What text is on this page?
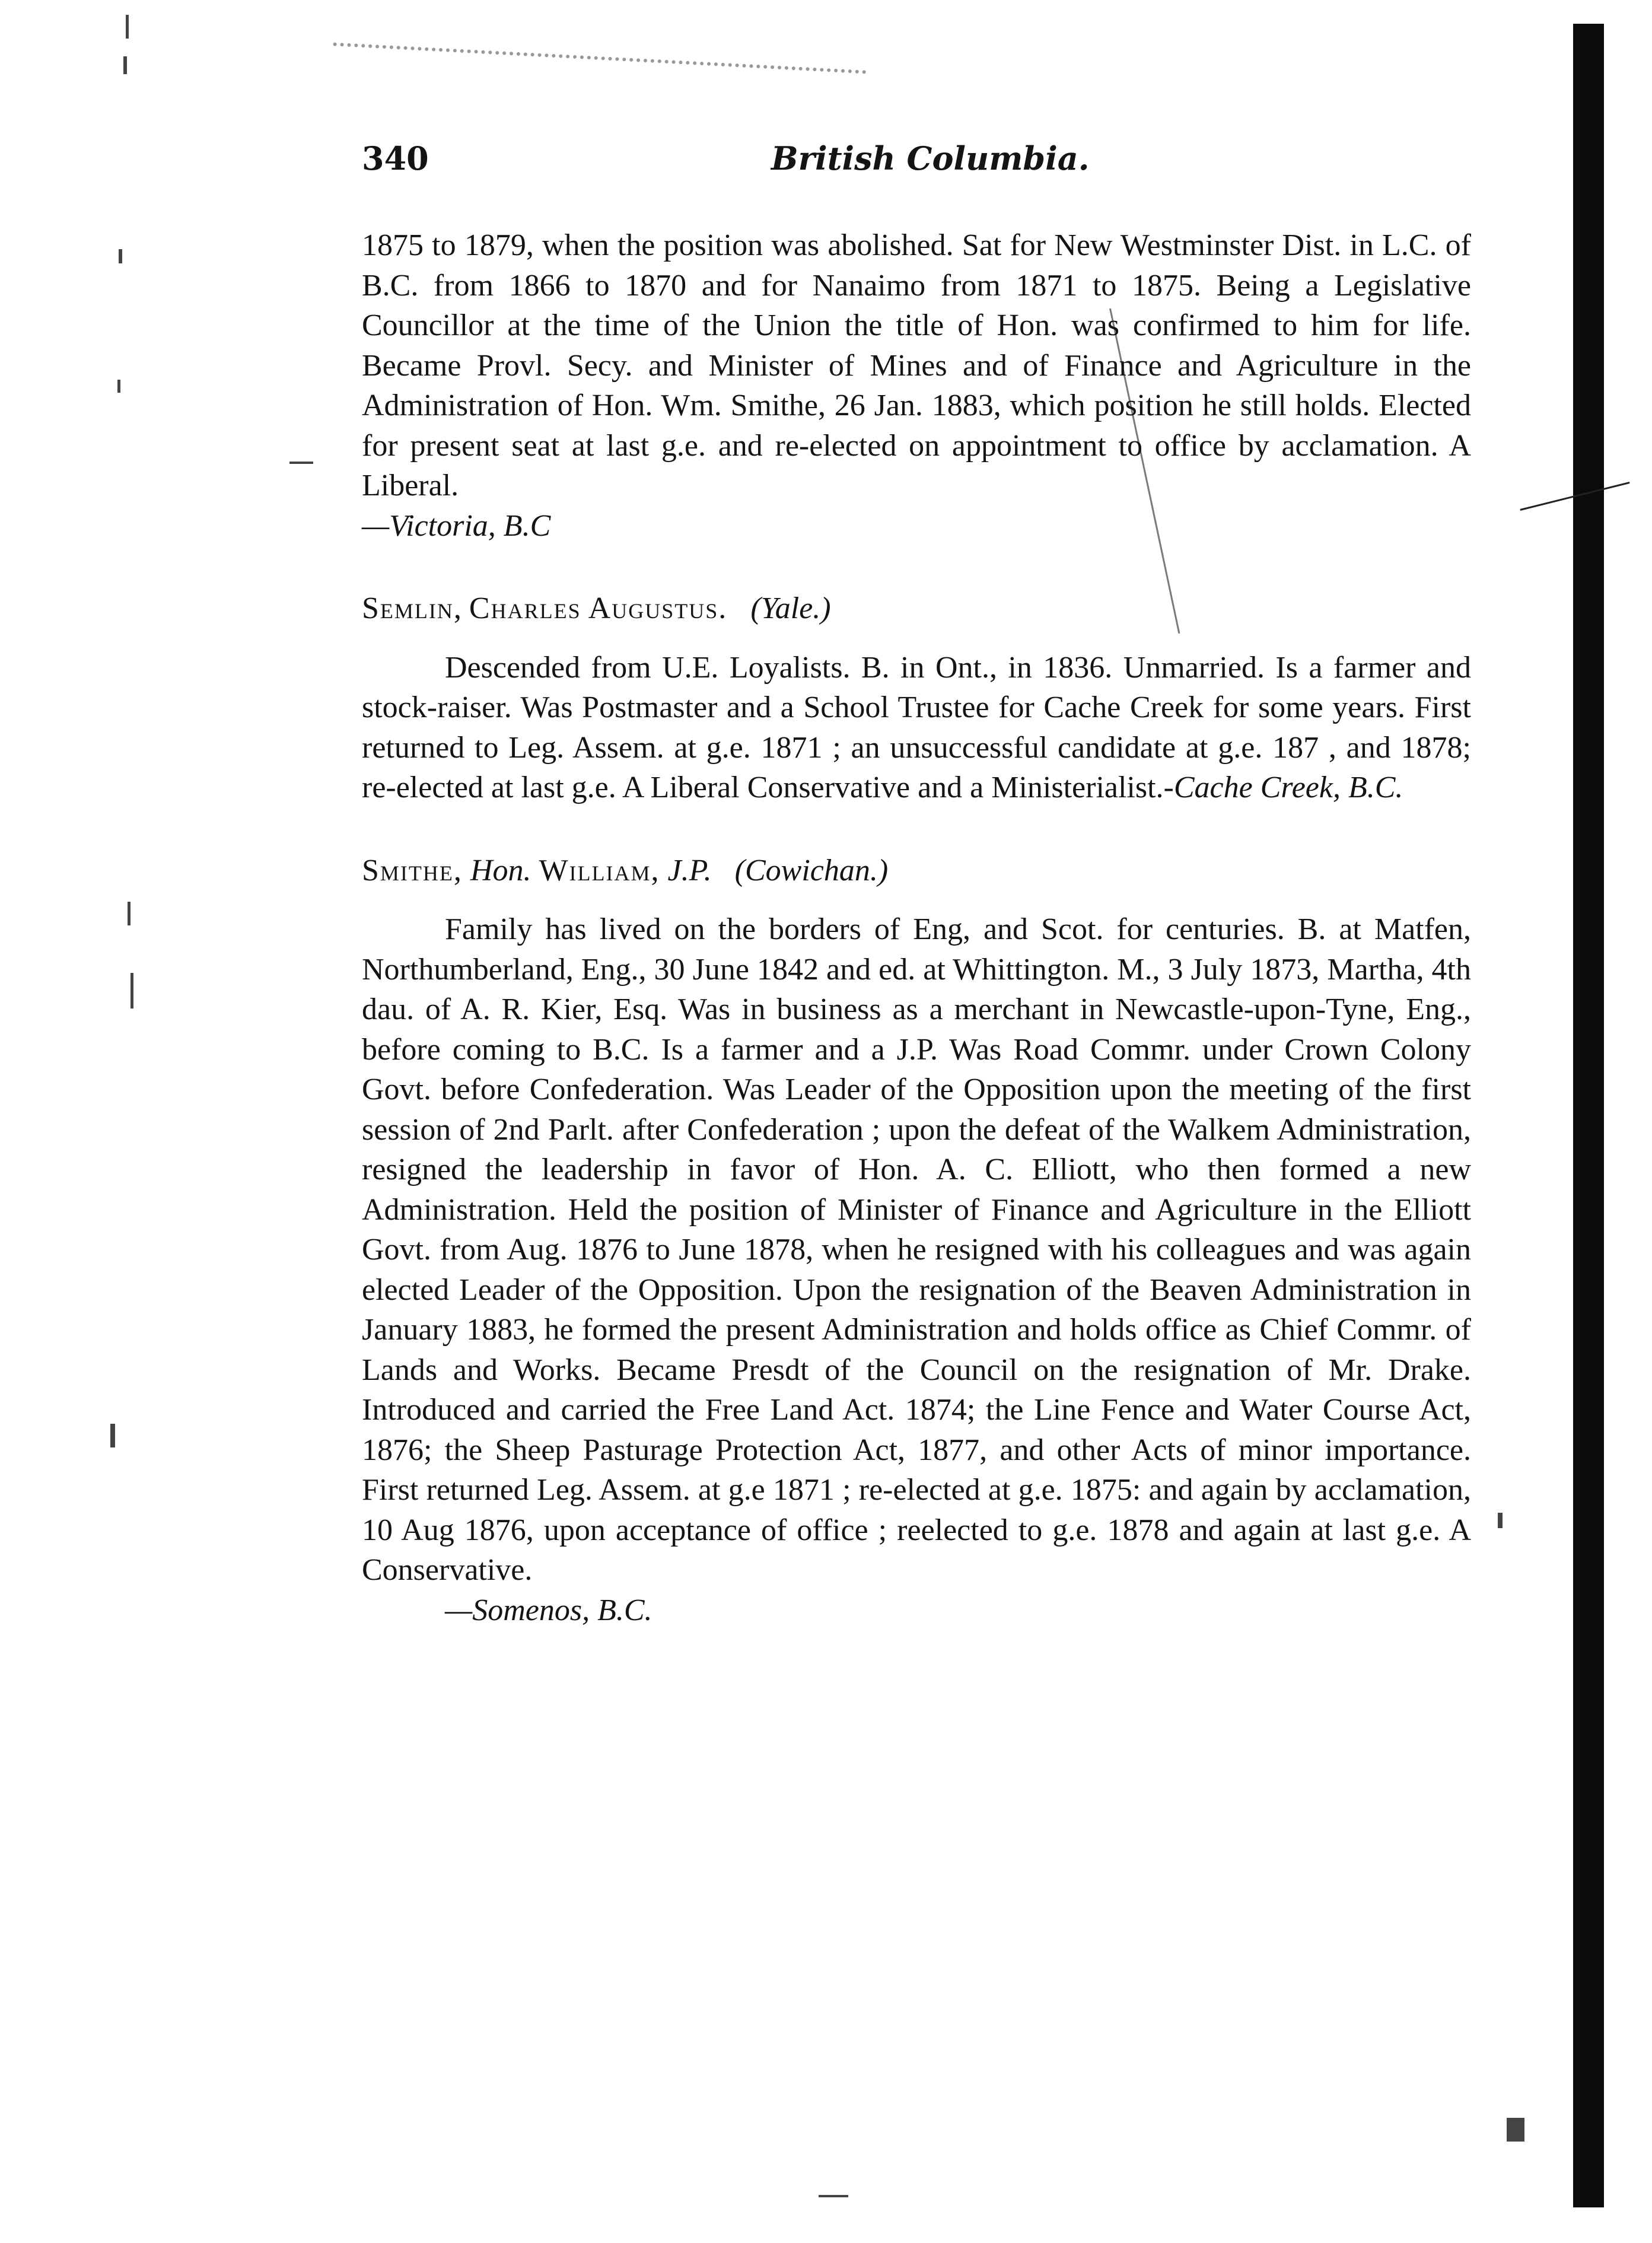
340	British Columbia.

1875 to 1879, when the position was abolished. Sat for New Westminster Dist. in L.C. of B.C. from 1866 to 1870 and for Nanaimo from 1871 to 1875. Being a Legislative Councillor at the time of the Union the title of Hon. was confirmed to him for life. Became Provl. Secy. and Minister of Mines and of Finance and Agriculture in the Administration of Hon. Wm. Smithe, 26 Jan. 1883, which position he still holds. Elected for present seat at last g.e. and re-elected on appointment to office by acclamation. A Liberal.
—Victoria, B.C

Semlin, Charles Augustus. (Yale.)

Descended from U.E. Loyalists. B. in Ont., in 1836. Unmarried. Is a farmer and stock-raiser. Was Postmaster and a School Trustee for Cache Creek for some years. First returned to Leg. Assem. at g.e. 1871 ; an unsuccessful candidate at g.e. 187 , and 1878; re-elected at last g.e. A Liberal Conservative and a Ministerialist.-Cache Creek, B.C.

Smithe, Hon. William, J.P. (Cowichan.)

Family has lived on the borders of Eng, and Scot. for centuries. B. at Matfen, Northumberland, Eng., 30 June 1842 and ed. at Whittington. M., 3 July 1873, Martha, 4th dau. of A. R. Kier, Esq. Was in business as a merchant in Newcastle-upon-Tyne, Eng., before coming to B.C. Is a farmer and a J.P. Was Road Commr. under Crown Colony Govt. before Confederation. Was Leader of the Opposition upon the meeting of the first session of 2nd Parlt. after Confederation ; upon the defeat of the Walkem Administration, resigned the leadership in favor of Hon. A. C. Elliott, who then formed a new Administration. Held the position of Minister of Finance and Agriculture in the Elliott Govt. from Aug. 1876 to June 1878, when he resigned with his colleagues and was again elected Leader of the Opposition. Upon the resignation of the Beaven Administration in January 1883, he formed the present Administration and holds office as Chief Commr. of Lands and Works. Became Presdt of the Council on the resignation of Mr. Drake. Introduced and carried the Free Land Act. 1874; the Line Fence and Water Course Act, 1876; the Sheep Pasturage Protection Act, 1877, and other Acts of minor importance. First returned Leg. Assem. at g.e 1871 ; re-elected at g.e. 1875: and again by acclamation, 10 Aug 1876, upon acceptance of office ; reelected to g.e. 1878 and again at last g.e. A Conservative.
—Somenos, B.C.
